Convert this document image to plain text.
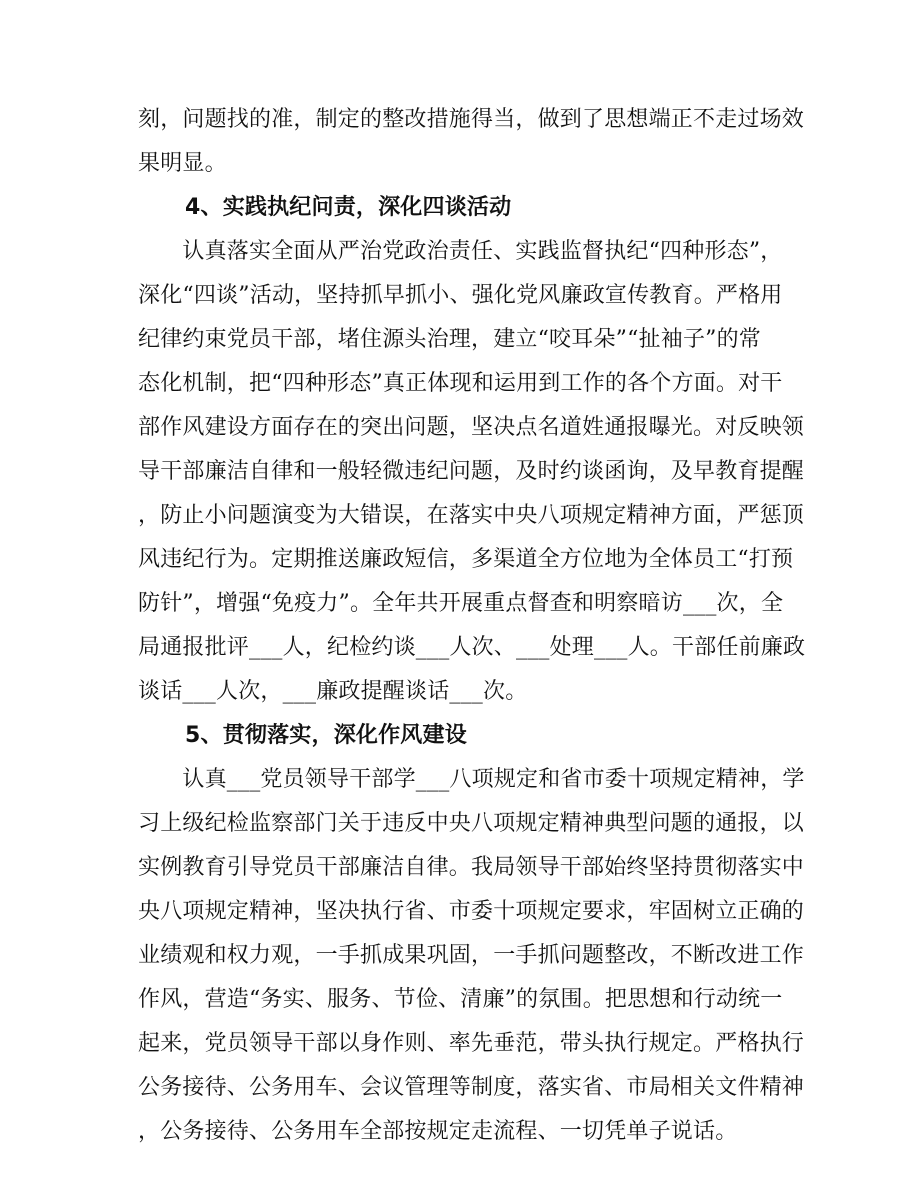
刻，问题找的准，制定的整改措施得当，做到了思想端正不走过场效
果明显。
4、实践执纪问责，深化四谈活动
　　认真落实全面从严治党政治责任、实践监督执纪“四种形态”，
深化“四谈”活动，坚持抓早抓小、强化党风廉政宣传教育。严格用
纪律约束党员干部，堵住源头治理，建立“咬耳朵”“扯袖子”的常
态化机制，把“四种形态”真正体现和运用到工作的各个方面。对干
部作风建设方面存在的突出问题，坚决点名道姓通报曝光。对反映领
导干部廉洁自律和一般轻微违纪问题，及时约谈函询，及早教育提醒
，防止小问题演变为大错误，在落实中央八项规定精神方面，严惩顶
风违纪行为。定期推送廉政短信，多渠道全方位地为全体员工“打预
防针”，增强“免疫力”。全年共开展重点督查和明察暗访___次，全
局通报批评___人，纪检约谈___人次、___处理___人。干部任前廉政
谈话___人次，___廉政提醒谈话___次。
5、贯彻落实，深化作风建设
　　认真___党员领导干部学___八项规定和省市委十项规定精神，学
习上级纪检监察部门关于违反中央八项规定精神典型问题的通报，以
实例教育引导党员干部廉洁自律。我局领导干部始终坚持贯彻落实中
央八项规定精神，坚决执行省、市委十项规定要求，牢固树立正确的
业绩观和权力观，一手抓成果巩固，一手抓问题整改，不断改进工作
作风，营造“务实、服务、节俭、清廉”的氛围。把思想和行动统一
起来，党员领导干部以身作则、率先垂范，带头执行规定。严格执行
公务接待、公务用车、会议管理等制度，落实省、市局相关文件精神
，公务接待、公务用车全部按规定走流程、一切凭单子说话。
